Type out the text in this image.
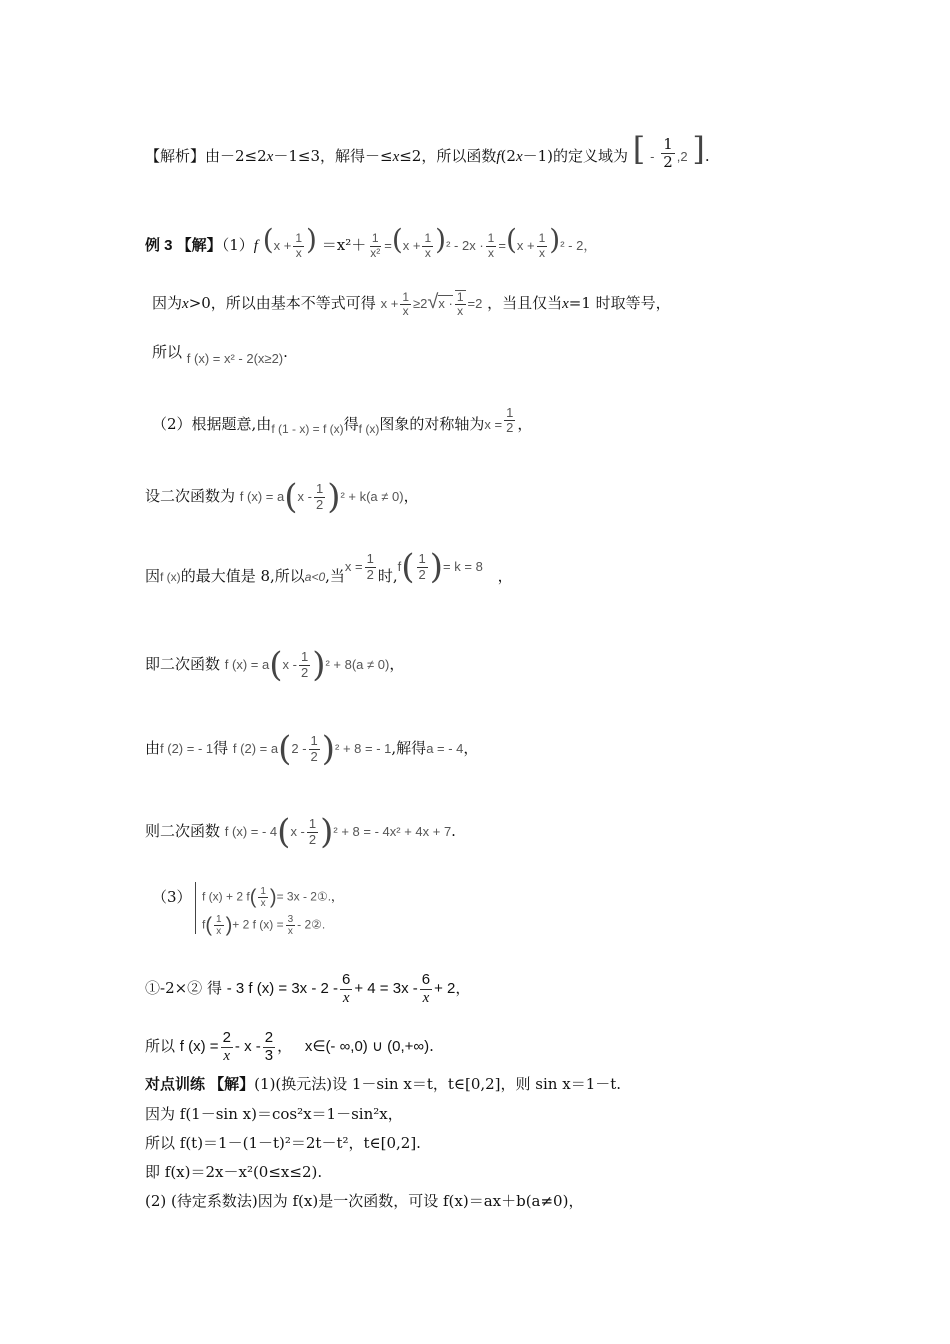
【解析】由－2≤2x－1≤3，解得－≤x≤2，所以函数f(2x－1)的定义域为 [ - $\frac{1}{2} ,2$ ].
例 3 【解】（1）f ($x + \frac{1}{x}$ ) $=x^2+ \frac{1}{\text{x²}} =(x + \frac{1}{x} )^2 - 2x \cdot \frac{1}{x} =(x + \frac{1}{x} )^2 - 2$，
因为x>0，所以由基本不等式可得 $x + \frac{1}{x} \ge 2√x \cdot \frac{1}{x} =2$ ，当且仅当x=1 时取等号，
所以 f (x) = x² - 2(x≥2).
（2）根据题意,由$_{f (1 - x) = f (x)}$得$_{f (x)}$图象的对称轴为$x = \frac{1}{2}$ ，
设二次函数为 f $(x) = a(x - \frac{1}{2} )^2 + k(a \ne 0)$，
因f (x)的最大值是 8,所以a<0,当$x = \frac{1}{2}$ 时$,f( \frac{1}{2}$ )= k = 8 ，
即二次函数 f $(x) = a(x - \frac{1}{2} )^2 + 8(a \ne 0)$，
由f (2) = - 1得 f $(2) = a(2 - \frac{1}{2} )^2 + 8$ = - 1,解得a = - 4，
则二次函数 f (x) = - $4(x - \frac{1}{2} )^2 + 8$ = - 4x² + 4x + 7.
（3） f (x) + 2 $f( \frac{1}{x}$ )= 3x - 2①.，
$f( \frac{1}{x}$ )+ 2 f $(x) = \frac{3}{x}$ - 2②.
①-2×② 得 - 3 f $(x) = 3x - 2 - \frac{6}{x} + 4 = 3x - \frac{6}{x} + 2$，
所以 f $(x) = \frac{2}{x} - x - \frac{2}{3}$ ， x∈(- ∞,0) ∪ (0,+∞).
对点训练 【解】(1)(换元法)设 1－sin x＝t，t∈[0,2]，则 sin x＝1－t.
因为 f(1－sin x)＝cos²x＝1－sin²x，
所以 f(t)＝1－(1－t)²＝2t－t²，t∈[0,2].
即 f(x)＝2x－x²(0≤x≤2).
(2) (待定系数法)因为 f(x)是一次函数，可设 f(x)＝ax＋b(a≠0)，
